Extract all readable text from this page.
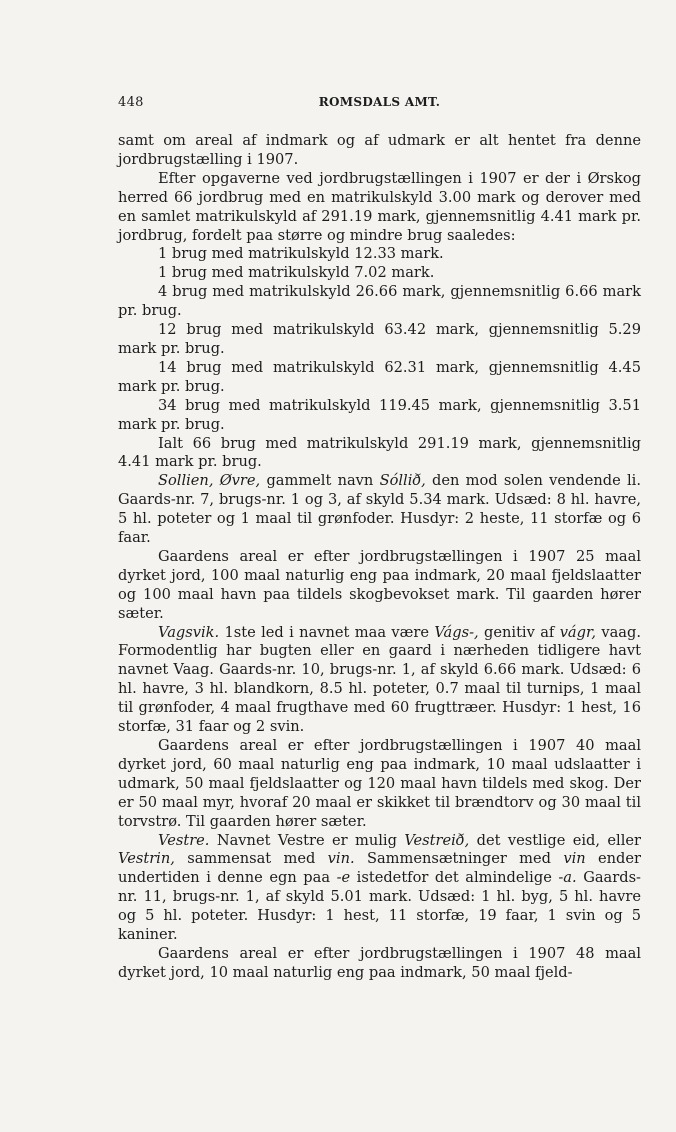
448	ROMSDALS AMT.

samt om areal af indmark og af udmark er alt hentet fra denne jordbrugstælling i 1907.

Efter opgaverne ved jordbrugstællingen i 1907 er der i Ørskog herred 66 jordbrug med en matrikulskyld 3.00 mark og derover med en samlet matrikulskyld af 291.19 mark, gjennemsnitlig 4.41 mark pr. jordbrug, fordelt paa større og mindre brug saaledes:

1 brug med matrikulskyld 12.33 mark.

1 brug med matrikulskyld 7.02 mark.

4 brug med matrikulskyld 26.66 mark, gjennemsnitlig 6.66 mark pr. brug.

12 brug med matrikulskyld 63.42 mark, gjennemsnitlig 5.29 mark pr. brug.

14 brug med matrikulskyld 62.31 mark, gjennemsnitlig 4.45 mark pr. brug.

34 brug med matrikulskyld 119.45 mark, gjennemsnitlig 3.51 mark pr. brug.

Ialt 66 brug med matrikulskyld 291.19 mark, gjennemsnitlig 4.41 mark pr. brug.

Sollien, Øvre, gammelt navn Sóllið, den mod solen vendende li. Gaards-nr. 7, brugs-nr. 1 og 3, af skyld 5.34 mark. Udsæd: 8 hl. havre, 5 hl. poteter og 1 maal til grønfoder. Husdyr: 2 heste, 11 storfæ og 6 faar.

Gaardens areal er efter jordbrugstællingen i 1907 25 maal dyrket jord, 100 maal naturlig eng paa indmark, 20 maal fjeldslaatter og 100 maal havn paa tildels skogbevokset mark. Til gaarden hører sæter.

Vagsvik. 1ste led i navnet maa være Vágs-, genitiv af vágr, vaag. Formodentlig har bugten eller en gaard i nærheden tidligere havt navnet Vaag. Gaards-nr. 10, brugs-nr. 1, af skyld 6.66 mark. Udsæd: 6 hl. havre, 3 hl. blandkorn, 8.5 hl. poteter, 0.7 maal til turnips, 1 maal til grønfoder, 4 maal frugthave med 60 frugttræer. Husdyr: 1 hest, 16 storfæ, 31 faar og 2 svin.

Gaardens areal er efter jordbrugstællingen i 1907 40 maal dyrket jord, 60 maal naturlig eng paa indmark, 10 maal udslaatter i udmark, 50 maal fjeldslaatter og 120 maal havn tildels med skog. Der er 50 maal myr, hvoraf 20 maal er skikket til brændtorv og 30 maal til torvstrø. Til gaarden hører sæter.

Vestre. Navnet Vestre er mulig Vestreið, det vestlige eid, eller Vestrin, sammensat med vin. Sammensætninger med vin ender undertiden i denne egn paa -e istedetfor det almindelige -a. Gaards-nr. 11, brugs-nr. 1, af skyld 5.01 mark. Udsæd: 1 hl. byg, 5 hl. havre og 5 hl. poteter. Husdyr: 1 hest, 11 storfæ, 19 faar, 1 svin og 5 kaniner.

Gaardens areal er efter jordbrugstællingen i 1907 48 maal dyrket jord, 10 maal naturlig eng paa indmark, 50 maal fjeld-
